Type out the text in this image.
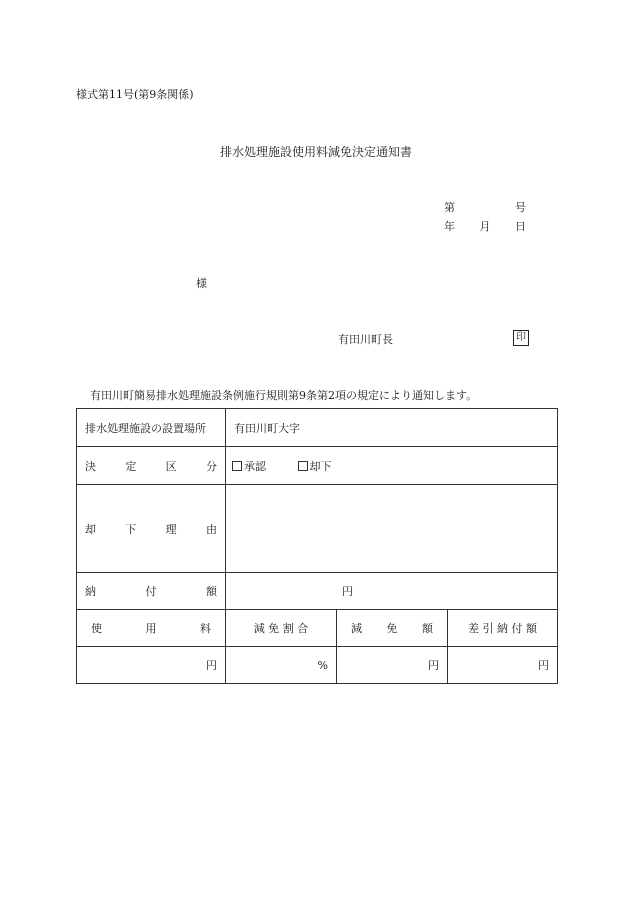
様式第11号(第9条関係)
排水処理施設使用料減免決定通知書
第	号
年 月 日
様
有田川町長	印
有田川町簡易排水処理施設条例施行規則第9条第2項の規定により通知します。
排水処理施設の設置場所	有田川町大字		

決 定 区 分	承認
却下		

却 下 理 由			

納 付 額	円		

使 用 料	減 免 割 合	減 免 額	差 引 納 付 額
円	%	円	円
